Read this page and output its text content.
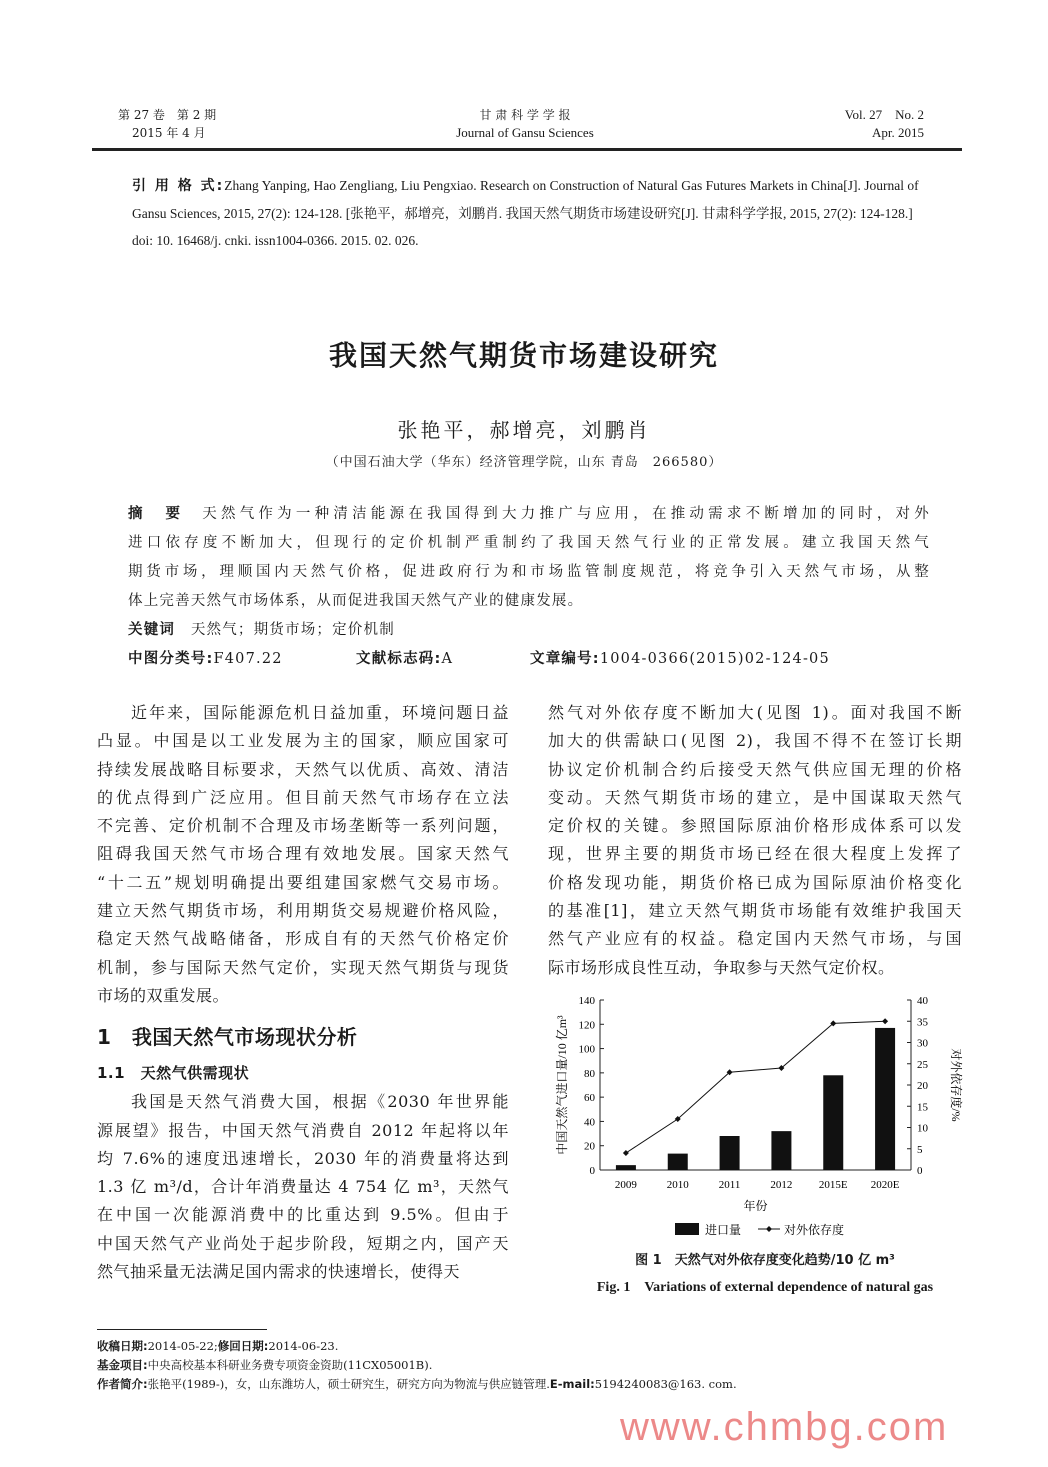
第 27 卷　第 2 期
2015 年 4 月
甘 肃 科 学 学 报
Journal of Gansu Sciences
Vol. 27　No. 2
Apr. 2015
引 用 格 式:Zhang Yanping, Hao Zengliang, Liu Pengxiao. Research on Construction of Natural Gas Futures Markets in China[J]. Journal of Gansu Sciences, 2015, 27(2): 124-128. [张艳平，郝增亮，刘鹏肖. 我国天然气期货市场建设研究[J]. 甘肃科学学报, 2015, 27(2): 124-128.]
doi: 10. 16468/j. cnki. issn1004-0366. 2015. 02. 026.
我国天然气期货市场建设研究
张艳平，郝增亮，刘鹏肖
（中国石油大学（华东）经济管理学院，山东 青岛　266580）
摘　要 天然气作为一种清洁能源在我国得到大力推广与应用，在推动需求不断增加的同时，对外
进口依存度不断加大，但现行的定价机制严重制约了我国天然气行业的正常发展。建立我国天然气
期货市场，理顺国内天然气价格，促进政府行为和市场监管制度规范，将竞争引入天然气市场，从整
体上完善天然气市场体系，从而促进我国天然气产业的健康发展。
关键词　 天然气；期货市场；定价机制
中图分类号:F407.22	文献标志码:A	文章编号:1004-0366(2015)02-124-05
近年来，国际能源危机日益加重，环境问题日益
凸显。中国是以工业发展为主的国家，顺应国家可
持续发展战略目标要求，天然气以优质、高效、清洁
的优点得到广泛应用。但目前天然气市场存在立法
不完善、定价机制不合理及市场垄断等一系列问题，
阻碍我国天然气市场合理有效地发展。国家天然气
“十二五”规划明确提出要组建国家燃气交易市场。
建立天然气期货市场，利用期货交易规避价格风险，
稳定天然气战略储备，形成自有的天然气价格定价
机制，参与国际天然气定价，实现天然气期货与现货
市场的双重发展。
1　我国天然气市场现状分析
1.1　天然气供需现状
我国是天然气消费大国，根据《2030 年世界能
源展望》报告，中国天然气消费自 2012 年起将以年
均 7.6%的速度迅速增长，2030 年的消费量将达到
1.3 亿 m³/d，合计年消费量达 4 754 亿 m³，天然气
在中国一次能源消费中的比重达到 9.5%。但由于
中国天然气产业尚处于起步阶段，短期之内，国产天
然气抽采量无法满足国内需求的快速增长，使得天
然气对外依存度不断加大(见图 1)。面对我国不断
加大的供需缺口(见图 2)，我国不得不在签订长期
协议定价机制合约后接受天然气供应国无理的价格
变动。天然气期货市场的建立，是中国谋取天然气
定价权的关键。参照国际原油价格形成体系可以发
现，世界主要的期货市场已经在很大程度上发挥了
价格发现功能，期货价格已成为国际原油价格变化
的基准[1]，建立天然气期货市场能有效维护我国天
然气产业应有的权益。稳定国内天然气市场，与国
际市场形成良性互动，争取参与天然气定价权。
0
20
40
60
80
100
120
140
0
5
10
15
20
25
30
35
40
2009	2010	2011	2012 2015E 2020E
年份
中国天然气进口量/10 亿m³	对外依存度/%
进口量	对外依存度
图 1　天然气对外依存度变化趋势/10 亿 m³
Fig. 1　Variations of external dependence of natural gas
收稿日期:2014-05-22;修回日期:2014-06-23.
基金项目:中央高校基本科研业务费专项资金资助(11CX05001B).
作者简介:张艳平(1989-)，女，山东潍坊人，硕士研究生，研究方向为物流与供应链管理.E-mail:5194240083@163. com.
www.chmbg.com
